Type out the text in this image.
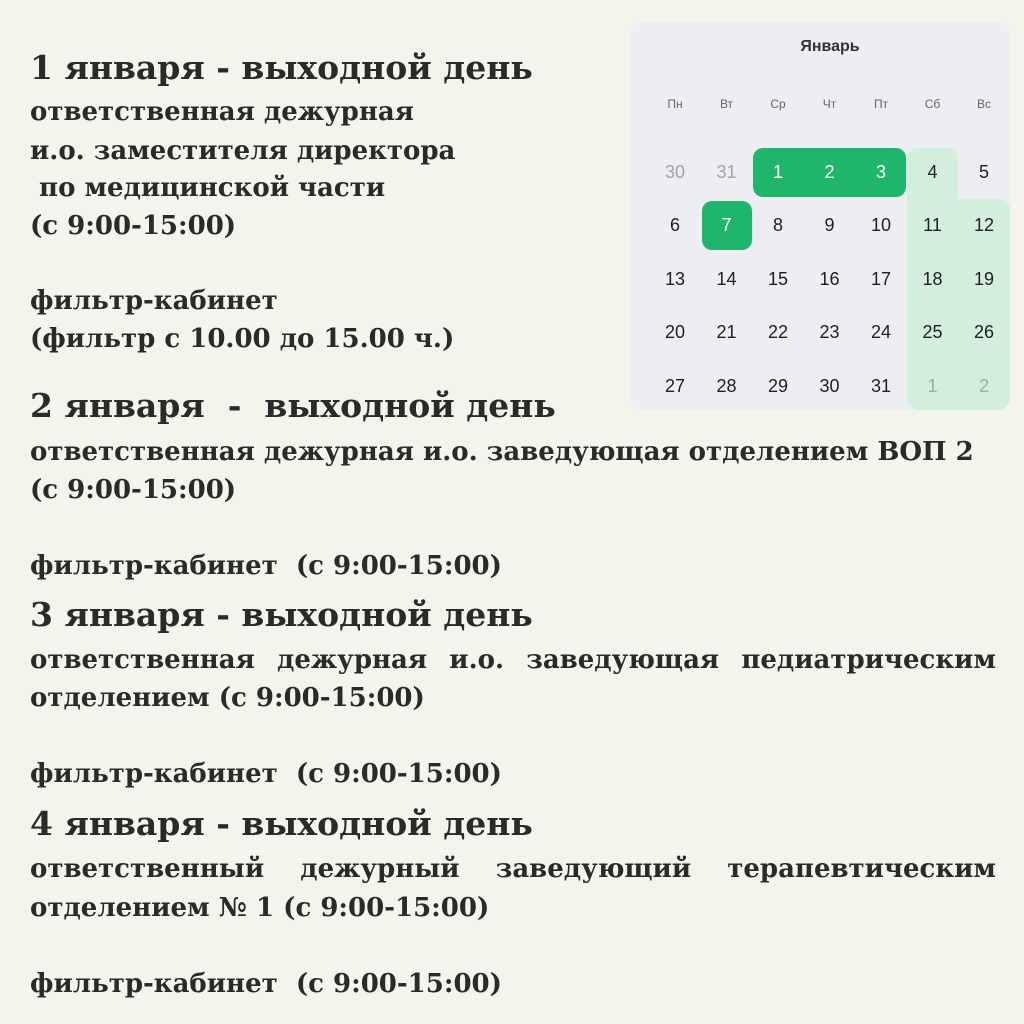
1 января - выходной день
ответственная дежурная
и.о. заместителя директора
по медицинской части
(с 9:00-15:00)
фильтр-кабинет
(фильтр с 10.00 до 15.00 ч.)
2 января  -  выходной день
ответственная дежурная и.о. заведующая отделением ВОП 2
(с 9:00-15:00)
фильтр-кабинет  (с 9:00-15:00)
3 января - выходной день
ответственная дежурная и.о. заведующая педиатрическим
отделением (с 9:00-15:00)
фильтр-кабинет  (с 9:00-15:00)
4 января - выходной день
ответственный дежурный заведующий терапевтическим
отделением № 1 (с 9:00-15:00)
фильтр-кабинет  (с 9:00-15:00)
Январь
Пн	Вт	Ср	Чт	Пт	Сб	Вс
30	31	1	2	3	4	5
6	7	8	9	10	11	12
13	14	15	16	17	18	19
20	21	22	23	24	25	26
27	28	29	30	31	1	2
